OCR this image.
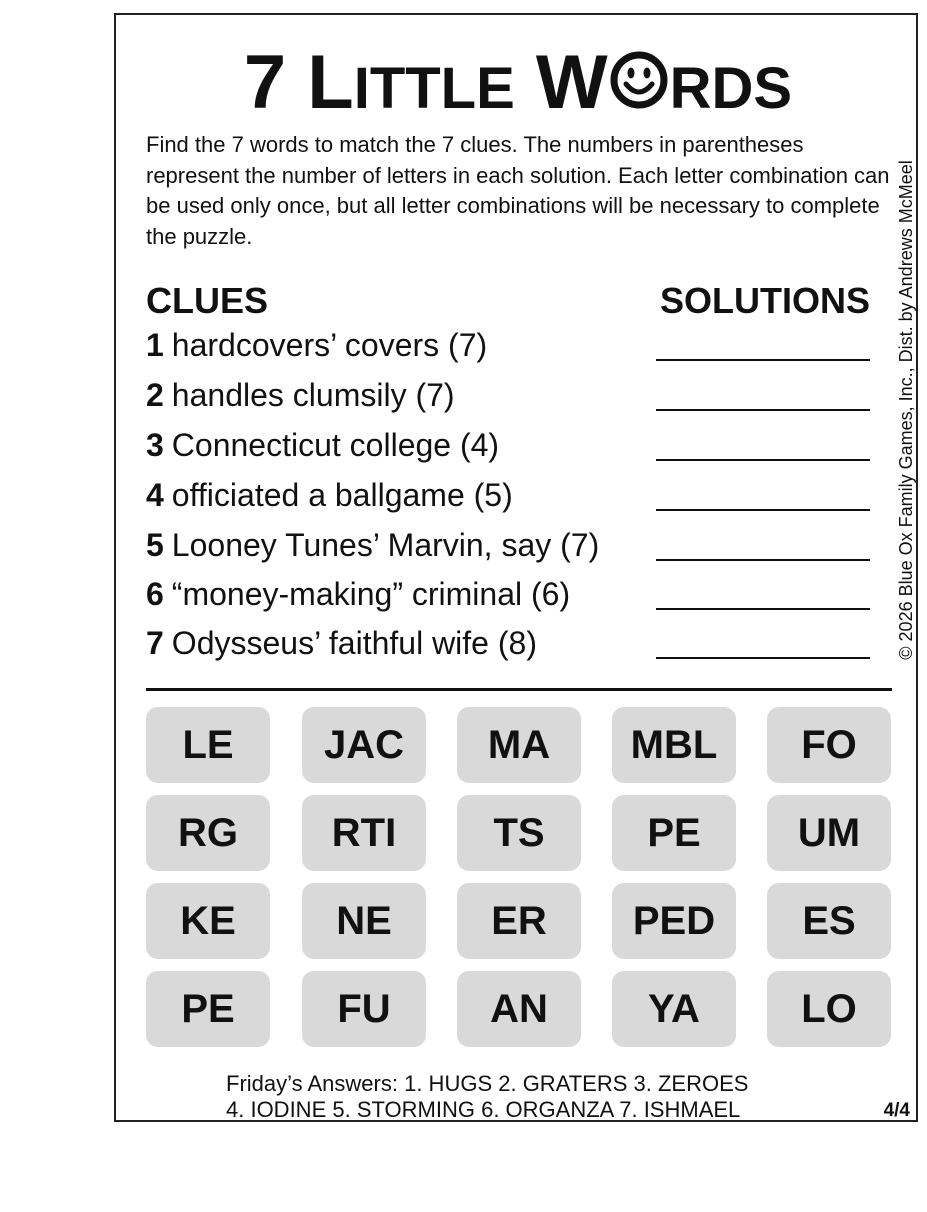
7 LITTLE W RDS
Find the 7 words to match the 7 clues. The numbers in parentheses represent the number of letters in each solution. Each letter combination can be used only once, but all letter combinations will be necessary to complete the puzzle.
CLUES	SOLUTIONS
1 hardcovers’ covers (7)
2 handles clumsily (7)
3 Connecticut college (4)
4 officiated a ballgame (5)
5 Looney Tunes’ Marvin, say (7)
6 “money-making” criminal (6)
7 Odysseus’ faithful wife (8)
LE	JAC	MA	MBL	FO
RG	RTI	TS	PE	UM
KE	NE	ER	PED	ES
PE	FU	AN	YA	LO
Friday’s Answers: 1. HUGS 2. GRATERS 3. ZEROES
4. IODINE 5. STORMING 6. ORGANZA 7. ISHMAEL	4/4
© 2026 Blue Ox Family Games, Inc., Dist. by Andrews McMeel
